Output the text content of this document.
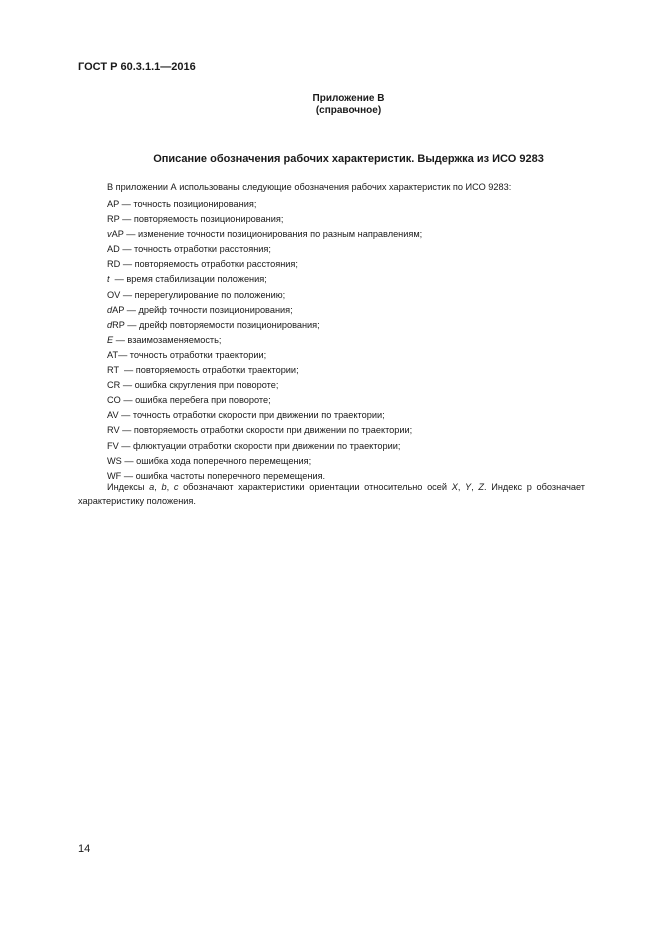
ГОСТ Р 60.3.1.1—2016
Приложение В
(справочное)
Описание обозначения рабочих характеристик. Выдержка из ИСО 9283
В приложении А использованы следующие обозначения рабочих характеристик по ИСО 9283:
AP — точность позиционирования;
RP — повторяемость позиционирования;
vAP — изменение точности позиционирования по разным направлениям;
AD — точность отработки расстояния;
RD — повторяемость отработки расстояния;
t  — время стабилизации положения;
OV — перерегулирование по положению;
dAP — дрейф точности позиционирования;
dRP — дрейф повторяемости позиционирования;
E — взаимозаменяемость;
AT— точность отработки траектории;
RT  — повторяемость отработки траектории;
CR — ошибка скругления при повороте;
CO — ошибка перебега при повороте;
AV — точность отработки скорости при движении по траектории;
RV — повторяемость отработки скорости при движении по траектории;
FV — флюктуации отработки скорости при движении по траектории;
WS — ошибка хода поперечного перемещения;
WF — ошибка частоты поперечного перемещения.
Индексы a, b, c обозначают характеристики ориентации относительно осей X, Y, Z. Индекс р обозначает характеристику положения.
14
